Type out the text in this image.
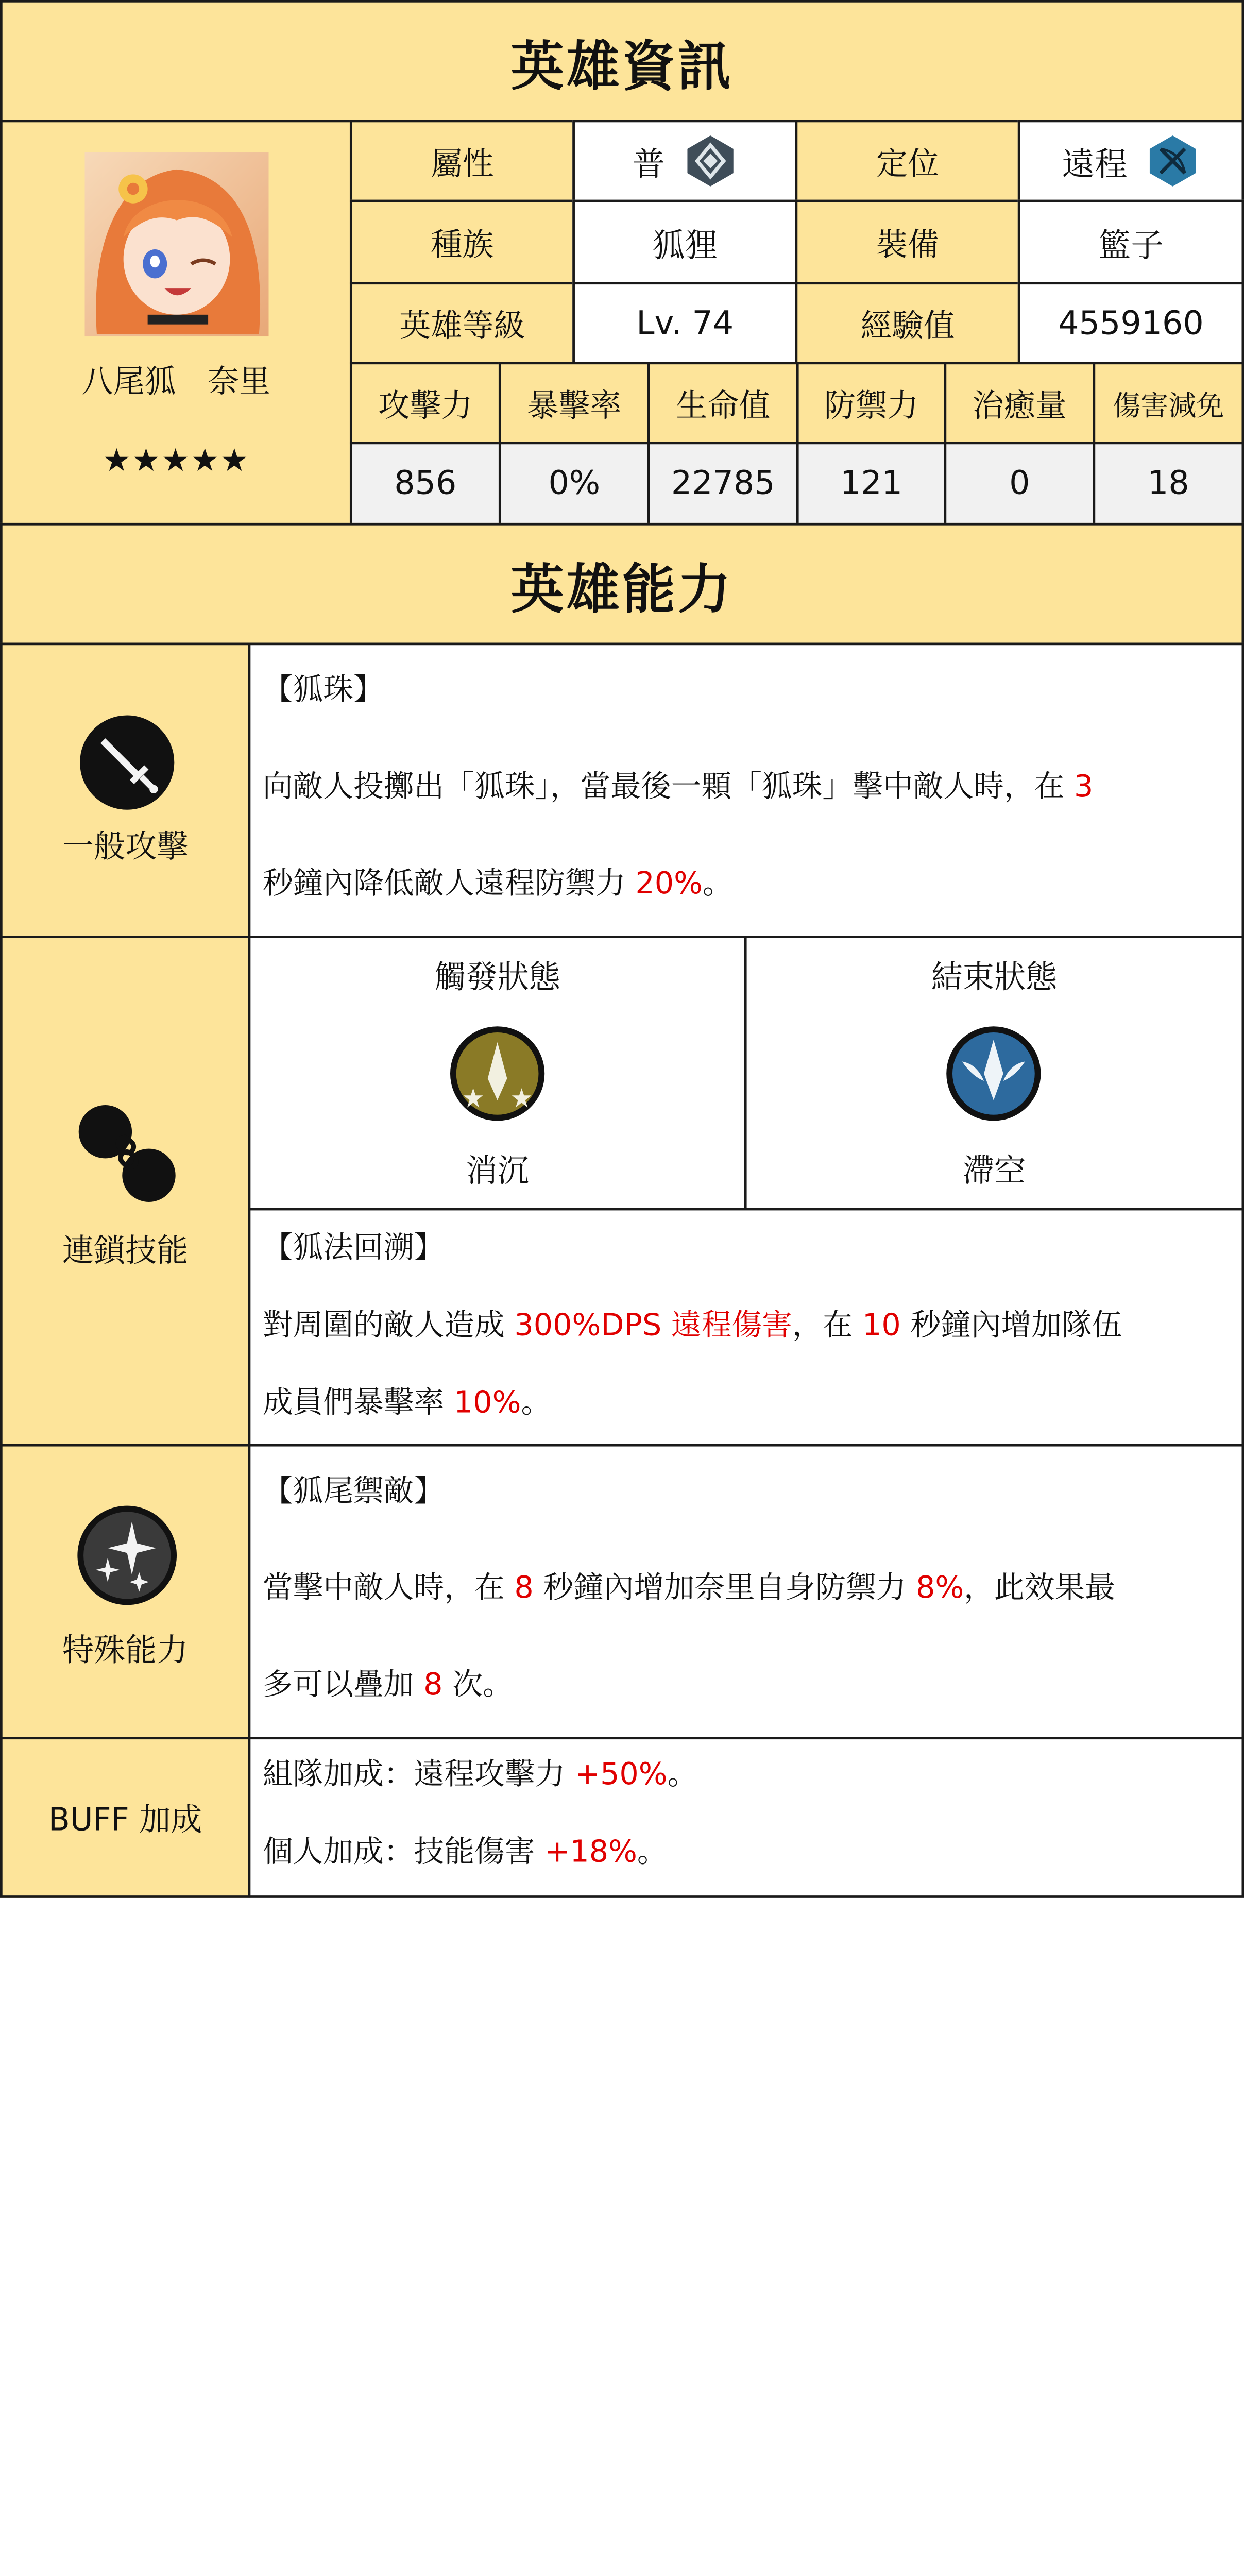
英雄資訊
八尾狐　奈里
★★★★★
屬性	普	定位	遠程
種族	狐狸	裝備	籃子
英雄等級	Lv. 74	經驗值	4559160
攻擊力	暴擊率	生命值	防禦力	治癒量	傷害減免
856	0%	22785	121	0	18
英雄能力
一般攻擊
【狐珠】
向敵人投擲出「狐珠」，當最後一顆「狐珠」擊中敵人時，在 3
秒鐘內降低敵人遠程防禦力 20%。
連鎖技能
觸發狀態
消沉
結束狀態
滯空
【狐法回溯】
對周圍的敵人造成 300%DPS 遠程傷害，在 10 秒鐘內增加隊伍
成員們暴擊率 10%。
特殊能力
【狐尾禦敵】
當擊中敵人時，在 8 秒鐘內增加奈里自身防禦力 8%，此效果最
多可以疊加 8 次。
BUFF 加成
組隊加成：遠程攻擊力 +50%。
個人加成：技能傷害 +18%。
